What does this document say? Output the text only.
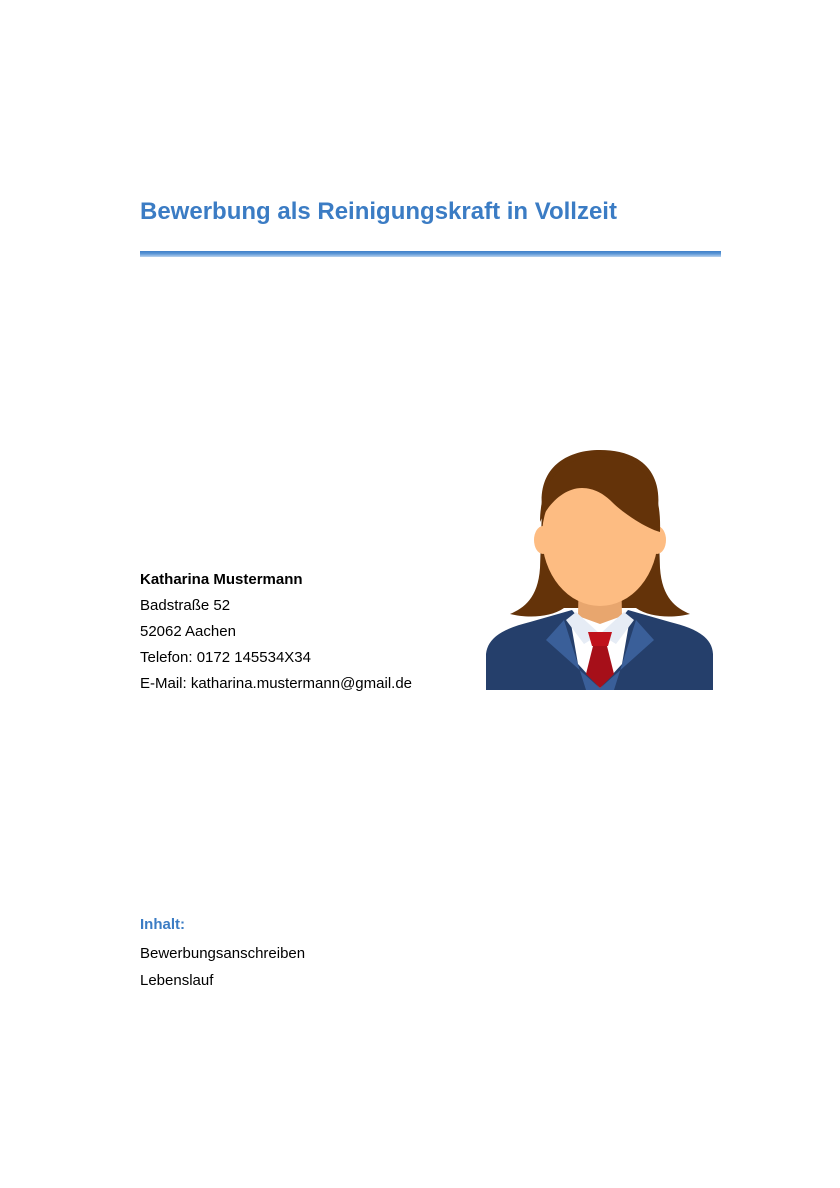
Bewerbung als Reinigungskraft in Vollzeit
Katharina Mustermann
Badstraße 52
52062 Aachen
Telefon: 0172 145534X34
E-Mail: katharina.mustermann@gmail.de
Inhalt:
Bewerbungsanschreiben
Lebenslauf
